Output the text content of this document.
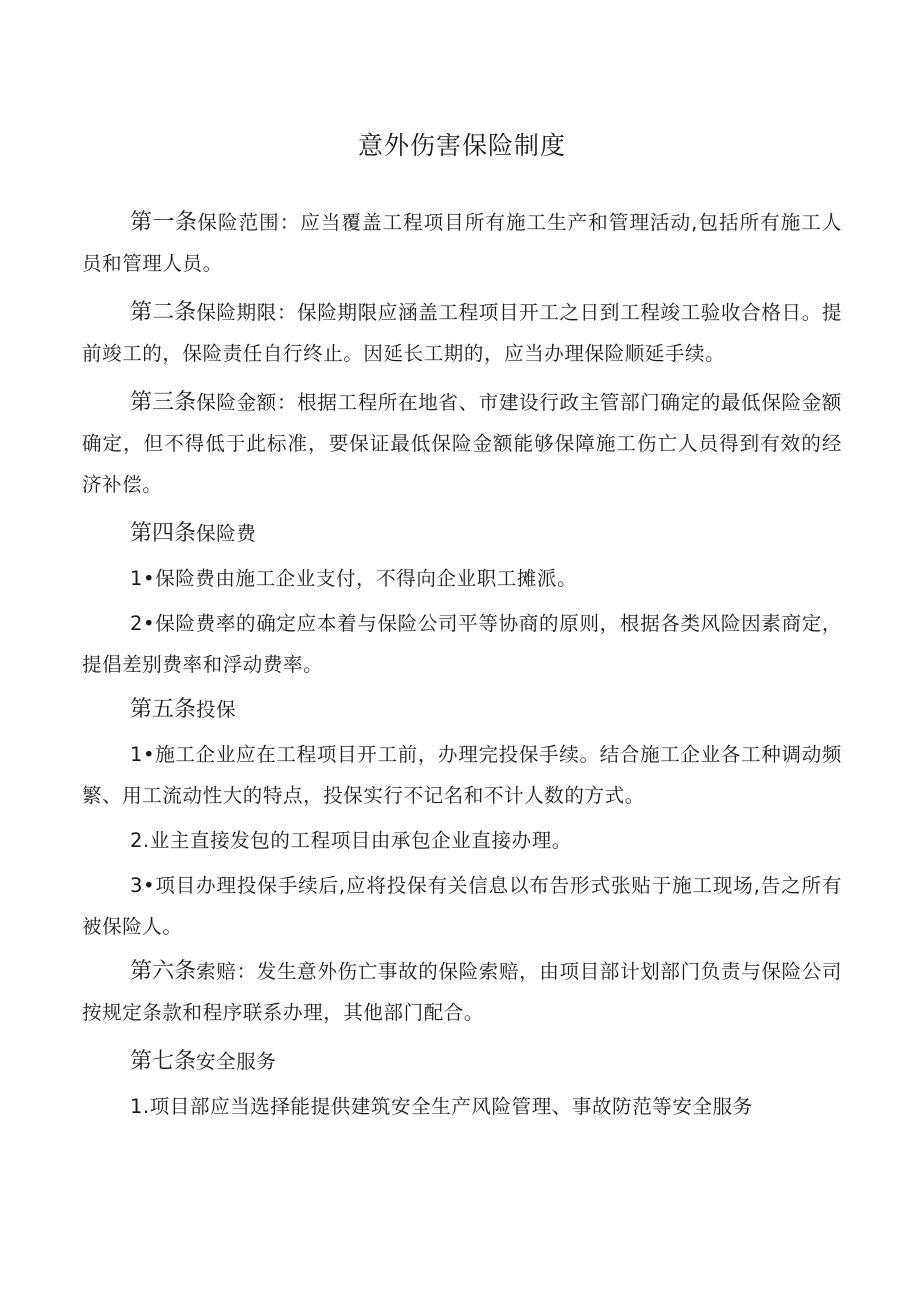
意外伤害保险制度

第一条保险范围：应当覆盖工程项目所有施工生产和管理活动,包括所有施工人员和管理人员。

第二条保险期限：保险期限应涵盖工程项目开工之日到工程竣工验收合格日。提前竣工的，保险责任自行终止。因延长工期的，应当办理保险顺延手续。

第三条保险金额：根据工程所在地省、市建设行政主管部门确定的最低保险金额确定，但不得低于此标准，要保证最低保险金额能够保障施工伤亡人员得到有效的经济补偿。

第四条保险费

1•保险费由施工企业支付，不得向企业职工摊派。

2•保险费率的确定应本着与保险公司平等协商的原则，根据各类风险因素商定，提倡差别费率和浮动费率。

第五条投保

1•施工企业应在工程项目开工前，办理完投保手续。结合施工企业各工种调动频繁、用工流动性大的特点，投保实行不记名和不计人数的方式。

2.业主直接发包的工程项目由承包企业直接办理。

3•项目办理投保手续后,应将投保有关信息以布告形式张贴于施工现场,告之所有被保险人。

第六条索赔：发生意外伤亡事故的保险索赔，由项目部计划部门负责与保险公司按规定条款和程序联系办理，其他部门配合。

第七条安全服务

1.项目部应当选择能提供建筑安全生产风险管理、事故防范等安全服务
